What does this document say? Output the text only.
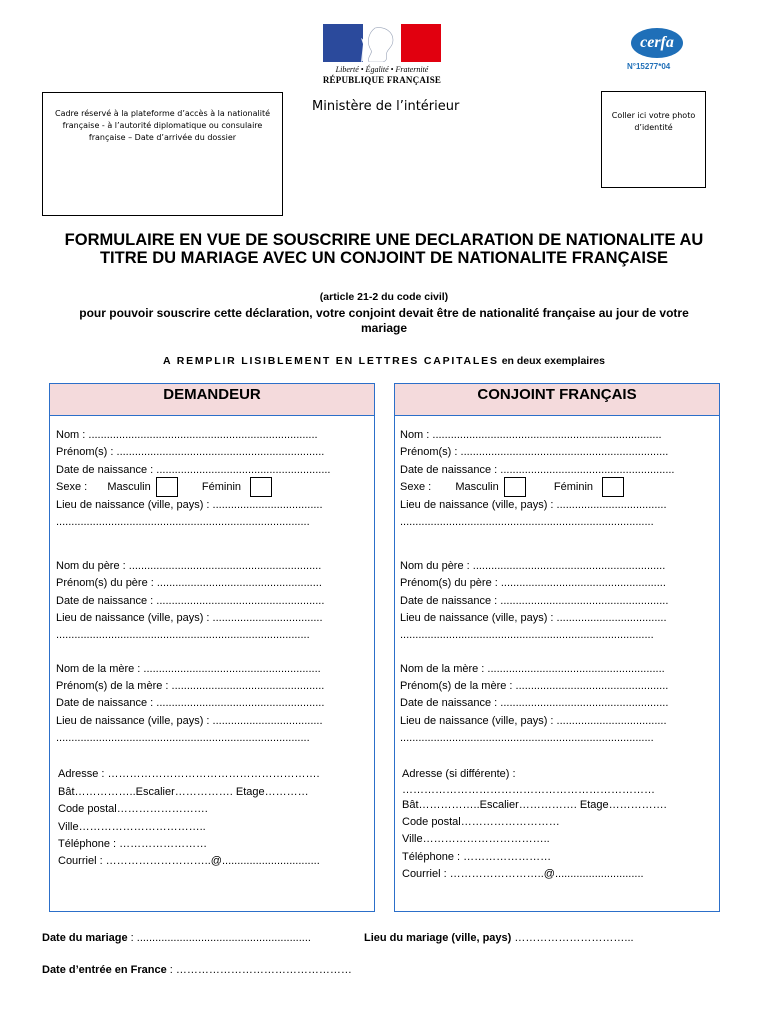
Liberté • Égalité • Fraternité
RÉPUBLIQUE FRANÇAISE
Ministère de l’intérieur
cerfa
N°15277*04

Cadre réservé à la plateforme d’accès à la nationalité française - à l’autorité diplomatique ou consulaire française – Date d’arrivée du dossier

Coller ici votre photo d’identité

FORMULAIRE EN VUE DE SOUSCRIRE UNE DECLARATION DE NATIONALITE AU TITRE DU MARIAGE AVEC UN CONJOINT DE NATIONALITE FRANÇAISE
(article 21-2 du code civil)
pour pouvoir souscrire cette déclaration, votre conjoint devait être de nationalité française au jour de votre mariage
A REMPLIR LISIBLEMENT EN LETTRES CAPITALES en deux exemplaires
DEMANDEUR
Nom : ...........................................................................
Prénom(s) : ....................................................................
Date de naissance : .........................................................
Sexe : Masculin	Féminin
Lieu de naissance (ville, pays) : ....................................
...................................................................................
Nom du père : ...............................................................
Prénom(s) du père : ......................................................
Date de naissance : .......................................................
Lieu de naissance (ville, pays) : ....................................
...................................................................................
Nom de la mère : ..........................................................
Prénom(s) de la mère : ..................................................
Date de naissance : .......................................................
Lieu de naissance (ville, pays) : ....................................
...................................................................................
Adresse : ………………………………………………….
Bât……………..Escalier……………. Etage…………
Code postal…………………….
Ville……………………………..
Téléphone : ……………………
Courriel : ………………………..@................................
CONJOINT FRANÇAIS
Nom : ...........................................................................
Prénom(s) : ....................................................................
Date de naissance : .........................................................
Sexe : Masculin	Féminin
Lieu de naissance (ville, pays) : ....................................
...................................................................................
Nom du père : ...............................................................
Prénom(s) du père : ......................................................
Date de naissance : .......................................................
Lieu de naissance (ville, pays) : ....................................
...................................................................................
Nom de la mère : ..........................................................
Prénom(s) de la mère : ..................................................
Date de naissance : .......................................................
Lieu de naissance (ville, pays) : ....................................
...................................................................................
Adresse (si différente) :
……………………………………………………………
Bât……………..Escalier……………. Etage…………….
Code postal………………………
Ville……………………………..
Téléphone : ……………………
Courriel : ……………………..@.............................
Date du mariage : .........................................................	Lieu du mariage (ville, pays) …………………………...
Date d’entrée en France : …………………………………………
